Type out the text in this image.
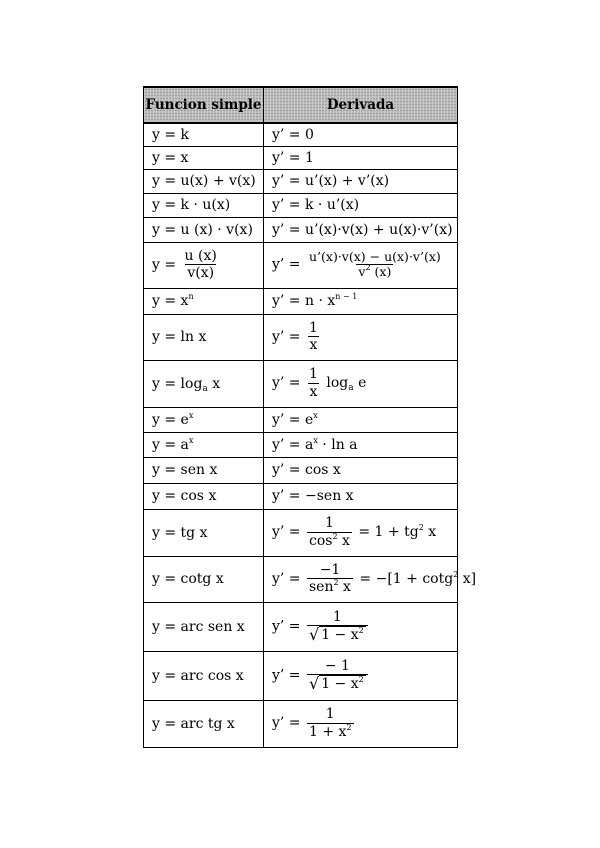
Funcion simple	Derivada
y = k	y’ = 0
y = x	y’ = 1
y = u(x) + v(x)	y’ = u’(x) + v’(x)
y = k · u(x)	y’ = k · u’(x)
y = u (x) · v(x)	y’ = u’(x)·v(x) + u(x)·v’(x)
$y = \frac{u (x)}{v(x)}$	y’ = $\frac{u’(x)\cdot v(x) - u(x)\cdot v’(x)}{v^2 (x)}$

$y = x^n$	y’ = $n \cdot x^{n - 1}$
y = ln x	y’ = $\frac{1}{x}$

$y = \log_a x$	y’ = $\frac{1}{x} \log_a e$
$y = e^x$	y’ = $e^x$
$y = a^x$	y’ = $a^x \cdot \ln a$
y = sen x	y’ = cos x
y = cos x	y’ = −sen x
y = tg x	y’ = $\frac{1}{\cos^2 x} = 1 + tg^2$ x
y = cotg x	y’ = $\frac{-1}{sen^2 x} = -[1 + \cot g^2$ x]
y = arc sen x	y’ = $\frac{1}{√ 1 - x^2}$

y = arc cos x	y’ = $\frac{- 1}{√ 1 - x^2}$

y = arc tg x	y’ = $\frac{1}{1 + x^2}$
